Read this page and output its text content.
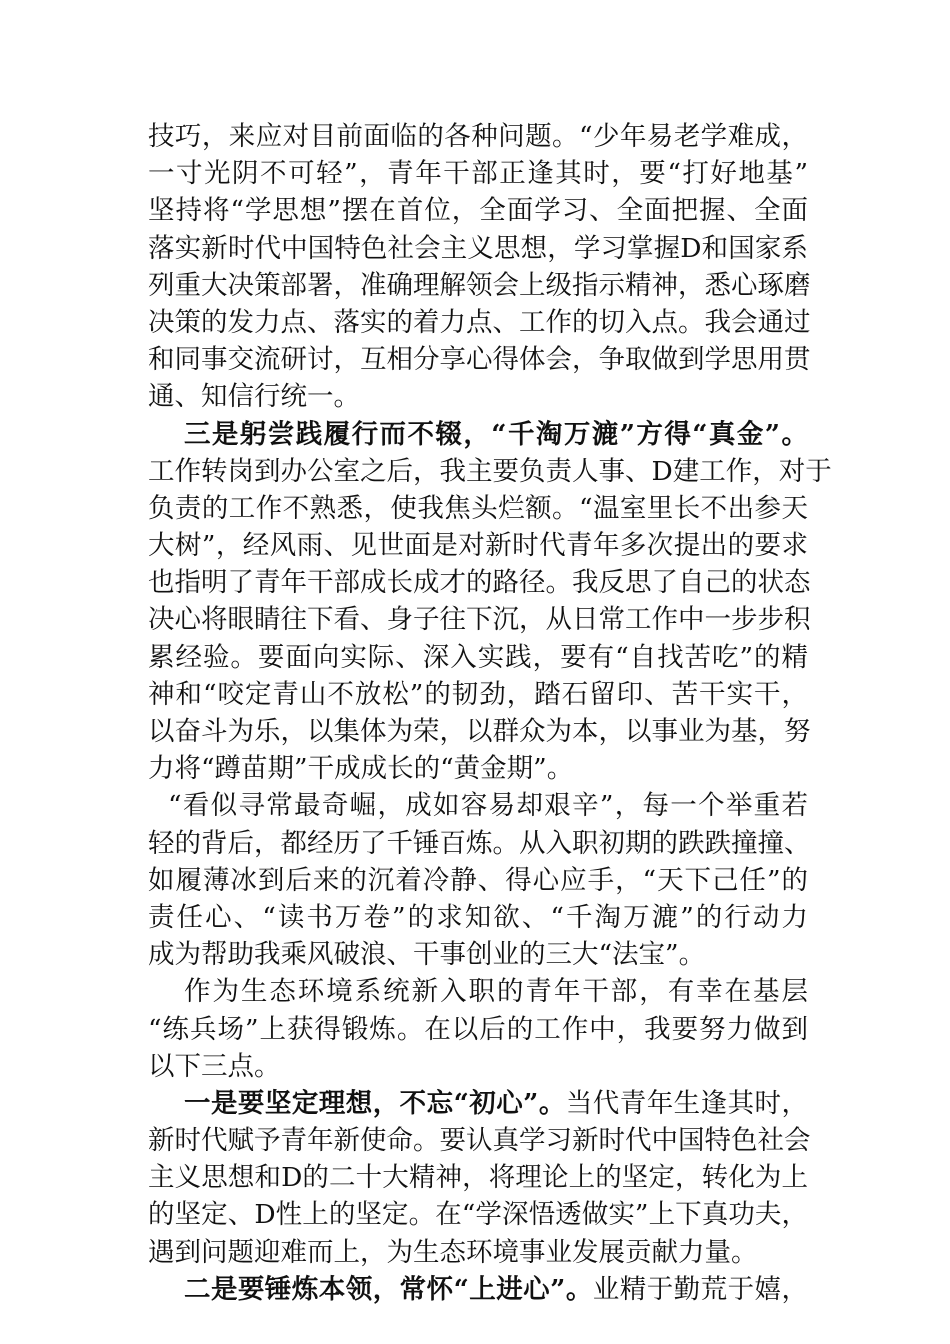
技巧，来应对目前面临的各种问题。“少年易老学难成，
一寸光阴不可轻”，青年干部正逢其时，要“打好地基”
坚持将“学思想”摆在首位，全面学习、全面把握、全面
落实新时代中国特色社会主义思想，学习掌握D和国家系
列重大决策部署，准确理解领会上级指示精神，悉心琢磨
决策的发力点、落实的着力点、工作的切入点。我会通过
和同事交流研讨，互相分享心得体会，争取做到学思用贯
通、知信行统一。
三是躬尝践履行而不辍，“千淘万漉”方得“真金”。
工作转岗到办公室之后，我主要负责人事、D建工作，对于
负责的工作不熟悉，使我焦头烂额。“温室里长不出参天
大树”，经风雨、见世面是对新时代青年多次提出的要求
也指明了青年干部成长成才的路径。我反思了自己的状态
决心将眼睛往下看、身子往下沉，从日常工作中一步步积
累经验。要面向实际、深入实践，要有“自找苦吃”的精
神和“咬定青山不放松”的韧劲，踏石留印、苦干实干，
以奋斗为乐，以集体为荣，以群众为本，以事业为基，努
力将“蹲苗期”干成成长的“黄金期”。
“看似寻常最奇崛，成如容易却艰辛”，每一个举重若
轻的背后，都经历了千锤百炼。从入职初期的跌跌撞撞、
如履薄冰到后来的沉着冷静、得心应手，“天下己任”的
责任心、“读书万卷”的求知欲、“千淘万漉”的行动力
成为帮助我乘风破浪、干事创业的三大“法宝”。
作为生态环境系统新入职的青年干部，有幸在基层
“练兵场”上获得锻炼。在以后的工作中，我要努力做到
以下三点。
一是要坚定理想，不忘“初心”。当代青年生逢其时，
新时代赋予青年新使命。要认真学习新时代中国特色社会
主义思想和D的二十大精神，将理论上的坚定，转化为上
的坚定、D性上的坚定。在“学深悟透做实”上下真功夫，
遇到问题迎难而上，为生态环境事业发展贡献力量。
二是要锤炼本领，常怀“上进心”。业精于勤荒于嬉，
